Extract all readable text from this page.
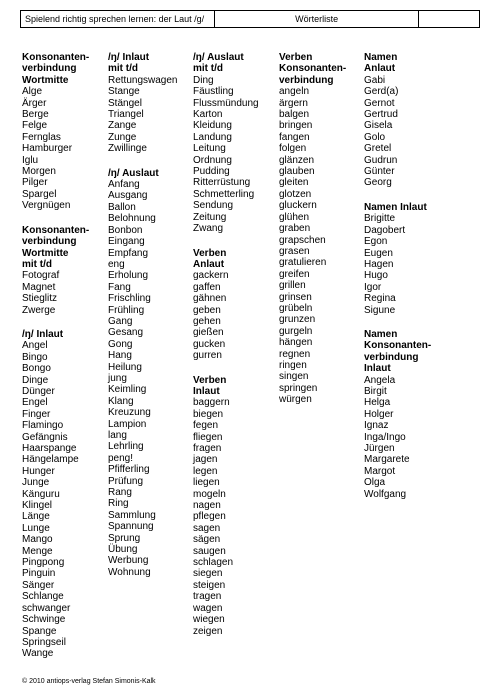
Spielend richtig sprechen lernen: der Laut /g/	Wörterliste
Konsonanten-
verbindung
Wortmitte
Alge
Ärger
Berge
Felge
Fernglas
Hamburger
Iglu
Morgen
Pilger
Spargel
Vergnügen
Konsonanten-
verbindung
Wortmitte
mit t/d
Fotograf
Magnet
Stieglitz
Zwerge
/ŋ/ Inlaut
Angel
Bingo
Bongo
Dinge
Dünger
Engel
Finger
Flamingo
Gefängnis
Haarspange
Hängelampe
Hunger
Junge
Känguru
Klingel
Länge
Lunge
Mango
Menge
Pingpong
Pinguin
Sänger
Schlange
schwanger
Schwinge
Spange
Springseil
Wange
/ŋ/ Inlaut
mit t/d
Rettungswagen
Stange
Stängel
Triangel
Zange
Zunge
Zwillinge
/ŋ/ Auslaut
Anfang
Ausgang
Ballon
Belohnung
Bonbon
Eingang
Empfang
eng
Erholung
Fang
Frischling
Frühling
Gang
Gesang
Gong
Hang
Heilung
jung
Keimling
Klang
Kreuzung
Lampion
lang
Lehrling
peng!
Pfifferling
Prüfung
Rang
Ring
Sammlung
Spannung
Sprung
Übung
Werbung
Wohnung
/ŋ/ Auslaut
mit t/d
Ding
Fäustling
Flussmündung
Karton
Kleidung
Landung
Leitung
Ordnung
Pudding
Ritterrüstung
Schmetterling
Sendung
Zeitung
Zwang
Verben
Anlaut
gackern
gaffen
gähnen
geben
gehen
gießen
gucken
gurren
Verben
Inlaut
baggern
biegen
fegen
fliegen
fragen
jagen
legen
liegen
mogeln
nagen
pflegen
sagen
sägen
saugen
schlagen
siegen
steigen
tragen
wagen
wiegen
zeigen
Verben
Konsonanten-
verbindung
angeln
ärgern
balgen
bringen
fangen
folgen
glänzen
glauben
gleiten
glotzen
gluckern
glühen
graben
grapschen
grasen
gratulieren
greifen
grillen
grinsen
grübeln
grunzen
gurgeln
hängen
regnen
ringen
singen
springen
würgen
Namen
Anlaut
Gabi
Gerd(a)
Gernot
Gertrud
Gisela
Golo
Gretel
Gudrun
Günter
Georg
Namen Inlaut
Brigitte
Dagobert
Egon
Eugen
Hagen
Hugo
Igor
Regina
Sigune
Namen
Konsonanten-
verbindung
Inlaut
Angela
Birgit
Helga
Holger
Ignaz
Inga/Ingo
Jürgen
Margarete
Margot
Olga
Wolfgang
© 2010 antiops-verlag Stefan Simonis-Kalk
